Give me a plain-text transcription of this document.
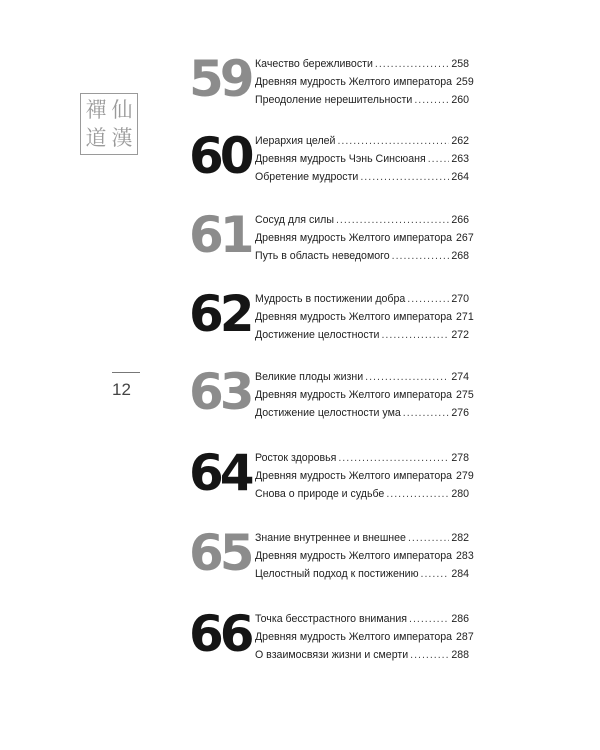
禪 仙
道 漢
12
59 Качество бережливости .....	258
Древняя мудрость Желтого императора 259
Преодоление нерешительности .....	260
60 Иерархия целей .....	262
Древняя мудрость Чэнь Синсюаня ..... 263
Обретение мудрости .....	264
61 Сосуд для силы .....	266
Древняя мудрость Желтого императора 267
Путь в область неведомого .....	268
62 Мудрость в постижении добра .....	270
Древняя мудрость Желтого императора 271
Достижение целостности .....	272
63 Великие плоды жизни .....	274
Древняя мудрость Желтого императора 275
Достижение целостности ума .....	276
64 Росток здоровья .....	278
Древняя мудрость Желтого императора 279
Снова о природе и судьбе .....	280
65 Знание внутреннее и внешнее .....	282
Древняя мудрость Желтого императора 283
Целостный подход к постижению .....	284
66 Точка бесстрастного внимания .....	286
Древняя мудрость Желтого императора 287
О взаимосвязи жизни и смерти .....	288
